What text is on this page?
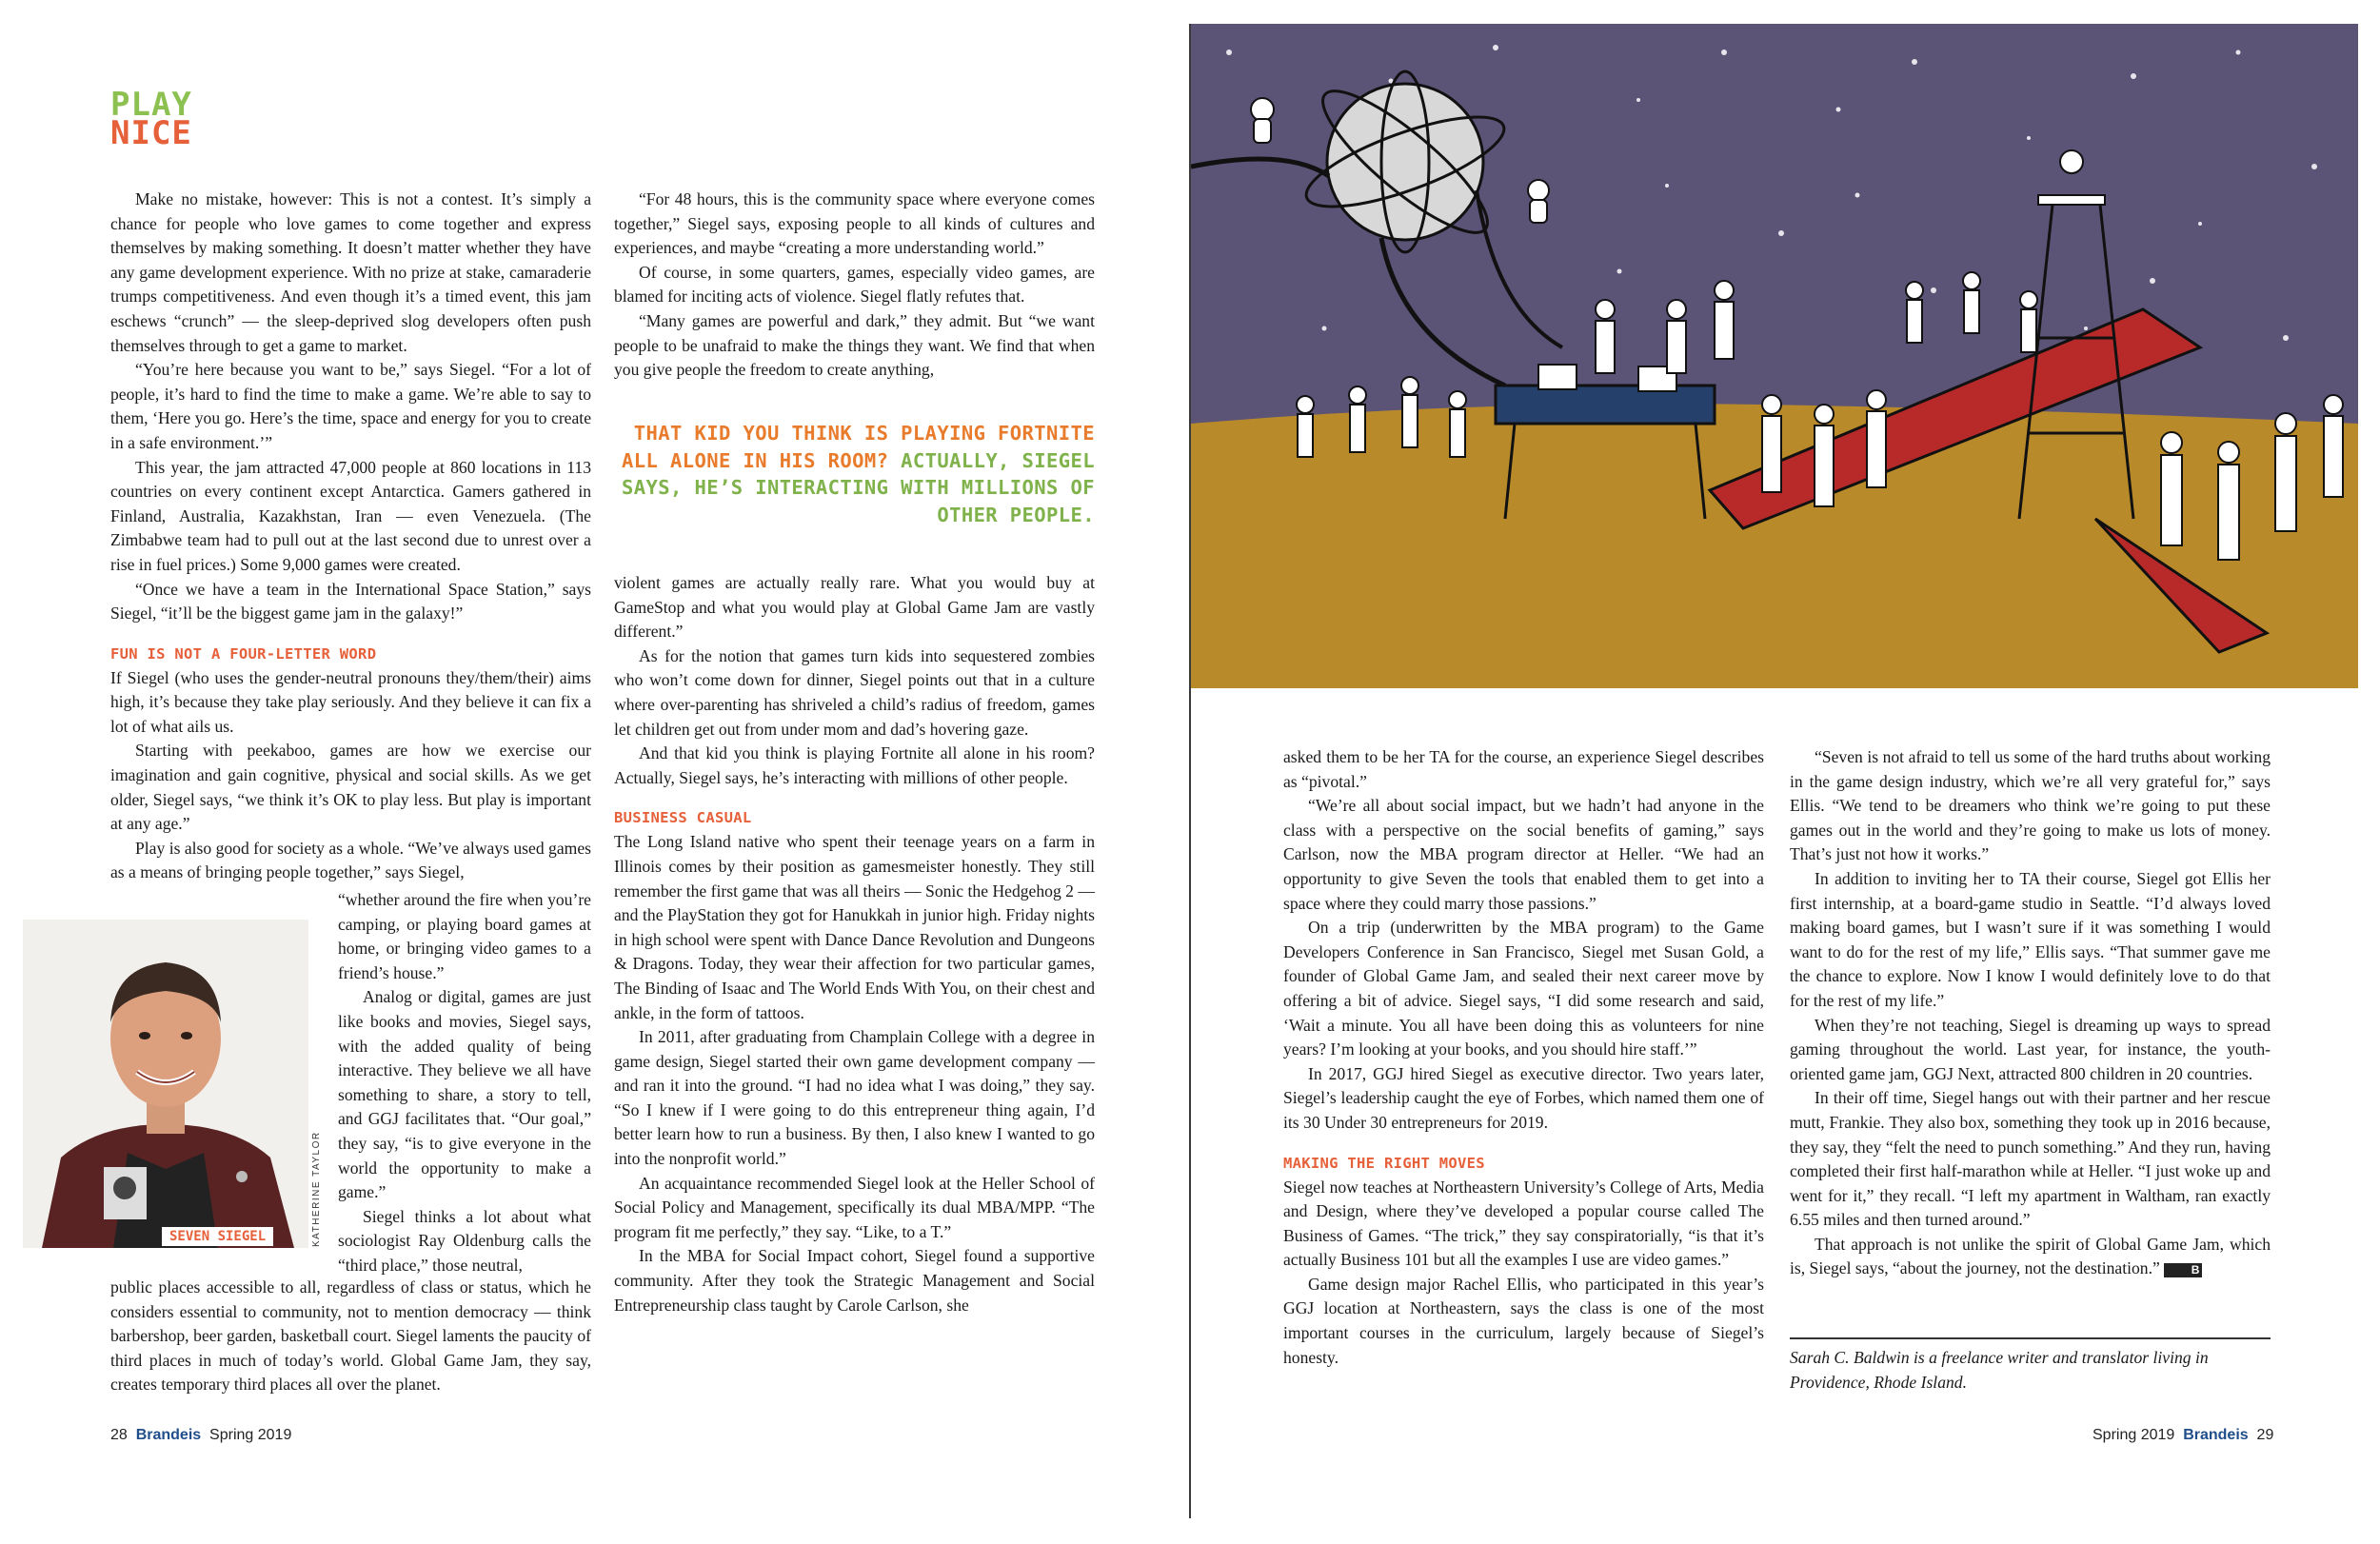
PLAY
NICE

Make no mistake, however: This is not a contest. It’s simply a chance for people who love games to come together and express themselves by making something. It doesn’t matter whether they have any game development experience. With no prize at stake, camaraderie trumps competitiveness. And even though it’s a timed event, this jam eschews “crunch” — the sleep-deprived slog developers often push themselves through to get a game to market.

“You’re here because you want to be,” says Siegel. “For a lot of people, it’s hard to find the time to make a game. We’re able to say to them, ‘Here you go. Here’s the time, space and energy for you to create in a safe environment.’”

This year, the jam attracted 47,000 people at 860 locations in 113 countries on every continent except Antarctica. Gamers gathered in Finland, Australia, Kazakhstan, Iran — even Venezuela. (The Zimbabwe team had to pull out at the last second due to unrest over a rise in fuel prices.) Some 9,000 games were created.

“Once we have a team in the International Space Station,” says Siegel, “it’ll be the biggest game jam in the galaxy!”

FUN IS NOT A FOUR-LETTER WORD

If Siegel (who uses the gender-neutral pronouns they/them/their) aims high, it’s because they take play seriously. And they believe it can fix a lot of what ails us.

Starting with peekaboo, games are how we exercise our imagination and gain cognitive, physical and social skills. As we get older, Siegel says, “we think it’s OK to play less. But play is important at any age.”

Play is also good for society as a whole. “We’ve always used games as a means of bringing people together,” says Siegel,

“whether around the fire when you’re camping, or playing board games at home, or bringing video games to a friend’s house.”

Analog or digital, games are just like books and movies, Siegel says, with the added quality of being interactive. They believe we all have something to share, a story to tell, and GGJ facilitates that. “Our goal,” they say, “is to give everyone in the world the opportunity to make a game.”

Siegel thinks a lot about what sociologist Ray Oldenburg calls the “third place,” those neutral,

public places accessible to all, regardless of class or status, which he considers essential to community, not to mention democracy — think barbershop, beer garden, basketball court. Siegel laments the paucity of third places in much of today’s world. Global Game Jam, they say, creates temporary third places all over the planet.

SEVEN SIEGEL	KATHERINE TAYLOR

“For 48 hours, this is the community space where everyone comes together,” Siegel says, exposing people to all kinds of cultures and experiences, and maybe “creating a more understanding world.”

Of course, in some quarters, games, especially video games, are blamed for inciting acts of violence. Siegel flatly refutes that.

“Many games are powerful and dark,” they admit. But “we want people to be unafraid to make the things they want. We find that when you give people the freedom to create anything,

THAT KID YOU THINK IS PLAYING FORTNITE ALL ALONE IN HIS ROOM? ACTUALLY, SIEGEL SAYS, HE’S INTERACTING WITH MILLIONS OF OTHER PEOPLE.

violent games are actually really rare. What you would buy at GameStop and what you would play at Global Game Jam are vastly different.”

As for the notion that games turn kids into sequestered zombies who won’t come down for dinner, Siegel points out that in a culture where over-parenting has shriveled a child’s radius of freedom, games let children get out from under mom and dad’s hovering gaze.

And that kid you think is playing Fortnite all alone in his room? Actually, Siegel says, he’s interacting with millions of other people.

BUSINESS CASUAL

The Long Island native who spent their teenage years on a farm in Illinois comes by their position as gamesmeister honestly. They still remember the first game that was all theirs — Sonic the Hedgehog 2 — and the PlayStation they got for Hanukkah in junior high. Friday nights in high school were spent with Dance Dance Revolution and Dungeons & Dragons. Today, they wear their affection for two particular games, The Binding of Isaac and The World Ends With You, on their chest and ankle, in the form of tattoos.

In 2011, after graduating from Champlain College with a degree in game design, Siegel started their own game development company — and ran it into the ground. “I had no idea what I was doing,” they say. “So I knew if I were going to do this entrepreneur thing again, I’d better learn how to run a business. By then, I also knew I wanted to go into the nonprofit world.”

An acquaintance recommended Siegel look at the Heller School of Social Policy and Management, specifically its dual MBA/MPP. “The program fit me perfectly,” they say. “Like, to a T.”

In the MBA for Social Impact cohort, Siegel found a supportive community. After they took the Strategic Management and Social Entrepreneurship class taught by Carole Carlson, she

28 Brandeis Spring 2019

asked them to be her TA for the course, an experience Siegel describes as “pivotal.”

“We’re all about social impact, but we hadn’t had anyone in the class with a perspective on the social benefits of gaming,” says Carlson, now the MBA program director at Heller. “We had an opportunity to give Seven the tools that enabled them to get into a space where they could marry those passions.”

On a trip (underwritten by the MBA program) to the Game Developers Conference in San Francisco, Siegel met Susan Gold, a founder of Global Game Jam, and sealed their next career move by offering a bit of advice. Siegel says, “I did some research and said, ‘Wait a minute. You all have been doing this as volunteers for nine years? I’m looking at your books, and you should hire staff.’”

In 2017, GGJ hired Siegel as executive director. Two years later, Siegel’s leadership caught the eye of Forbes, which named them one of its 30 Under 30 entrepreneurs for 2019.

MAKING THE RIGHT MOVES

Siegel now teaches at Northeastern University’s College of Arts, Media and Design, where they’ve developed a popular course called The Business of Games. “The trick,” they say conspiratorially, “is that it’s actually Business 101 but all the examples I use are video games.”

Game design major Rachel Ellis, who participated in this year’s GGJ location at Northeastern, says the class is one of the most important courses in the curriculum, largely because of Siegel’s honesty.

“Seven is not afraid to tell us some of the hard truths about working in the game design industry, which we’re all very grateful for,” says Ellis. “We tend to be dreamers who think we’re going to put these games out in the world and they’re going to make us lots of money. That’s just not how it works.”

In addition to inviting her to TA their course, Siegel got Ellis her first internship, at a board-game studio in Seattle. “I’d always loved making board games, but I wasn’t sure if it was something I would want to do for the rest of my life,” Ellis says. “That summer gave me the chance to explore. Now I know I would definitely love to do that for the rest of my life.”

When they’re not teaching, Siegel is dreaming up ways to spread gaming throughout the world. Last year, for instance, the youth-oriented game jam, GGJ Next, attracted 800 children in 20 countries.

In their off time, Siegel hangs out with their partner and her rescue mutt, Frankie. They also box, something they took up in 2016 because, they say, they “felt the need to punch something.” And they run, having completed their first half-marathon while at Heller. “I just woke up and went for it,” they recall. “I left my apartment in Waltham, ran exactly 6.55 miles and then turned around.”

That approach is not unlike the spirit of Global Game Jam, which is, Siegel says, “about the journey, not the destination.”	B

Sarah C. Baldwin is a freelance writer and translator living in Providence, Rhode Island.
Spring 2019 Brandeis 29
